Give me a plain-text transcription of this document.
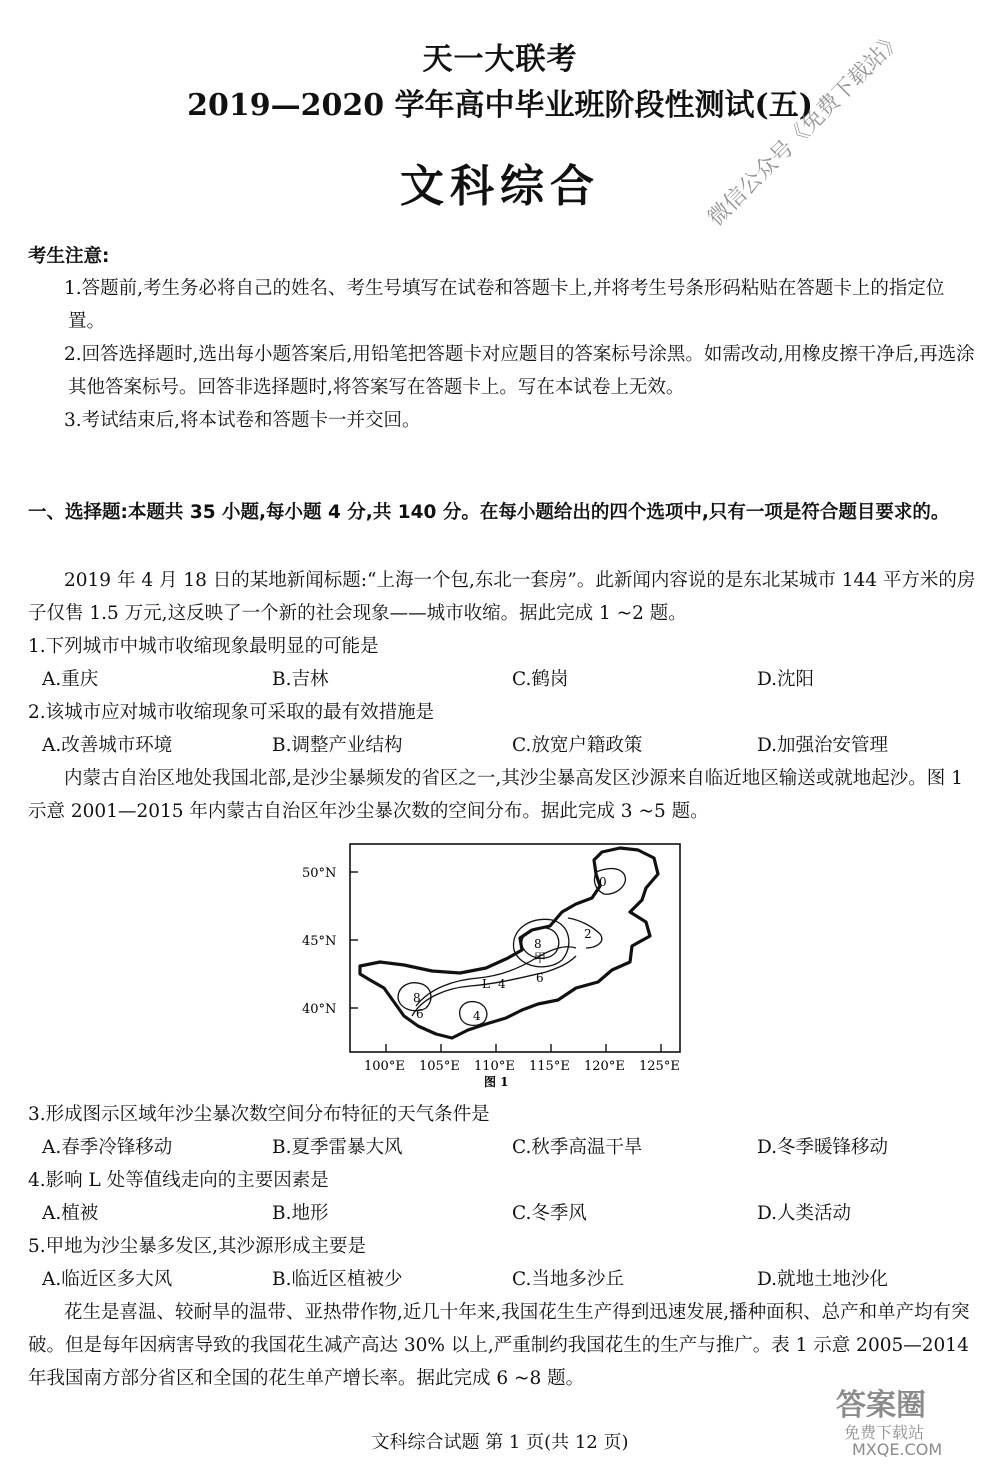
天一大联考
2019—2020 学年高中毕业班阶段性测试(五)
文科综合	微信公众号《免费下载站》
考生注意:

1.答题前,考生务必将自己的姓名、考生号填写在试卷和答题卡上,并将考生号条形码粘贴在答题卡上的指定位置。

2.回答选择题时,选出每小题答案后,用铅笔把答题卡对应题目的答案标号涂黑。如需改动,用橡皮擦干净后,再选涂其他答案标号。回答非选择题时,将答案写在答题卡上。写在本试卷上无效。

3.考试结束后,将本试卷和答题卡一并交回。

一、选择题:本题共 35 小题,每小题 4 分,共 140 分。在每小题给出的四个选项中,只有一项是符合题目要求的。

2019 年 4 月 18 日的某地新闻标题:“上海一个包,东北一套房”。此新闻内容说的是东北某城市 144 平方米的房子仅售 1.5 万元,这反映了一个新的社会现象——城市收缩。据此完成 1 ~2 题。

1.下列城市中城市收缩现象最明显的可能是

A.重庆	B.吉林	C.鹤岗	D.沈阳

2.该城市应对城市收缩现象可采取的最有效措施是

A.改善城市环境	B.调整产业结构	C.放宽户籍政策	D.加强治安管理

内蒙古自治区地处我国北部,是沙尘暴频发的省区之一,其沙尘暴高发区沙源来自临近地区输送或就地起沙。图 1 示意 2001—2015 年内蒙古自治区年沙尘暴次数的空间分布。据此完成 3 ~5 题。

50°N
45°N
40°N
100°E 105°E 110°E 115°E 120°E 125°E
0
2
8
甲
4
L	6
8
6	4
图 1

3.形成图示区域年沙尘暴次数空间分布特征的天气条件是

A.春季冷锋移动	B.夏季雷暴大风	C.秋季高温干旱	D.冬季暖锋移动

4.影响 L 处等值线走向的主要因素是

A.植被	B.地形	C.冬季风	D.人类活动

5.甲地为沙尘暴多发区,其沙源形成主要是

A.临近区多大风	B.临近区植被少	C.当地多沙丘	D.就地土地沙化

花生是喜温、较耐旱的温带、亚热带作物,近几十年来,我国花生生产得到迅速发展,播种面积、总产和单产均有突破。但是每年因病害导致的我国花生减产高达 30% 以上,严重制约我国花生的生产与推广。表 1 示意 2005—2014 年我国南方部分省区和全国的花生单产增长率。据此完成 6 ~8 题。

文科综合试题 第 1 页(共 12 页)
答案圈
免费下载站
MXQE.COM
